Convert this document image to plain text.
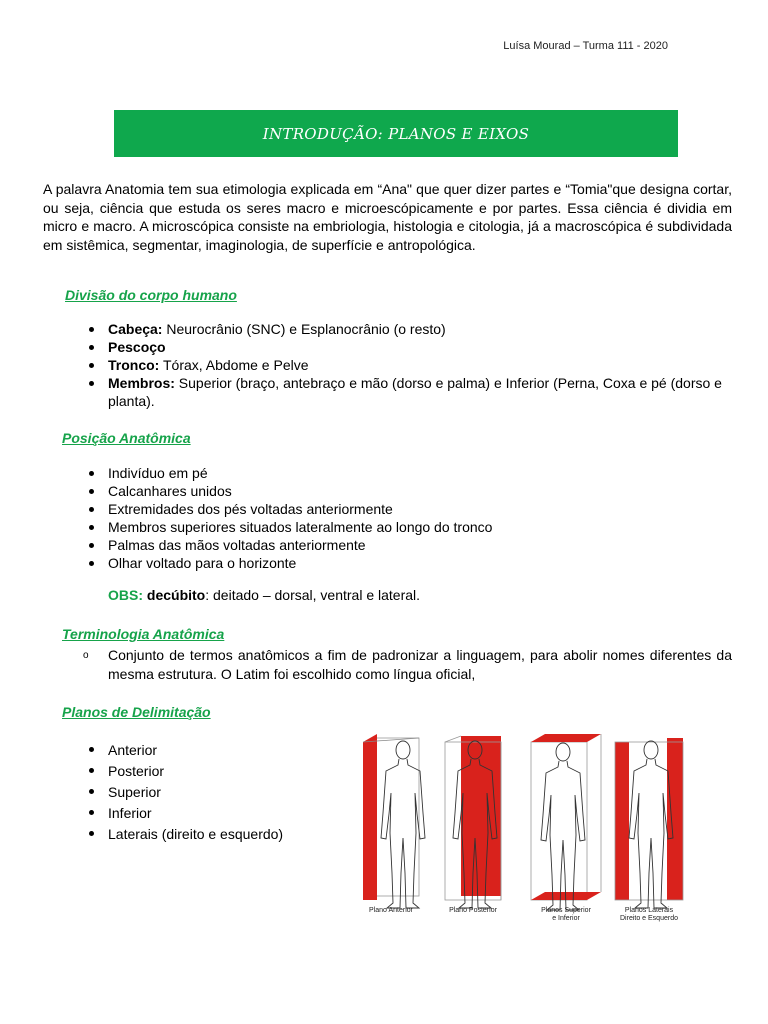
Luísa Mourad – Turma 111 - 2020
INTRODUÇÃO: PLANOS E EIXOS
A palavra Anatomia tem sua etimologia explicada em “Ana" que quer dizer partes e “Tomia"que designa cortar, ou seja, ciência que estuda os seres macro e microescópicamente e por partes. Essa ciência é dividia em micro e macro. A microscópica consiste na embriologia, histologia e citologia, já a macroscópica é subdividada em sistêmica, segmentar, imaginologia, de superfície e antropológica.
Divisão do corpo humano
Cabeça: Neurocrânio (SNC) e Esplanocrânio (o resto)
Pescoço
Tronco: Tórax, Abdome e Pelve
Membros: Superior (braço, antebraço e mão (dorso e palma) e Inferior (Perna, Coxa e pé (dorso e planta).
Posição Anatômica
Indivíduo em pé
Calcanhares unidos
Extremidades dos pés voltadas anteriormente
Membros superiores situados lateralmente ao longo do tronco
Palmas das mãos voltadas anteriormente
Olhar voltado para o horizonte
OBS: decúbito: deitado – dorsal, ventral e lateral.
Terminologia Anatômica
o	Conjunto de termos anatômicos a fim de padronizar a linguagem, para abolir nomes diferentes da mesma estrutura. O Latim foi escolhido como língua oficial,
Planos de Delimitação
Anterior
Posterior
Superior
Inferior
Laterais (direito e esquerdo)
Plano Anterior	Plano Posterior	Planos Superior
e Inferior
Planos Laterais
Direito e Esquerdo
